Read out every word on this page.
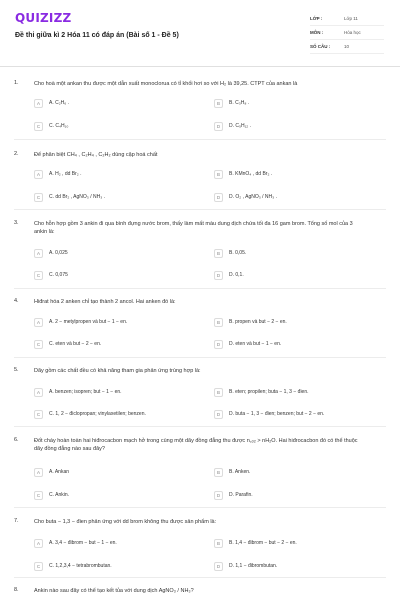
QUIZIZZ
Đề thi giữa kì 2 Hóa 11 có đáp án (Bài số 1 - Đề 5)
LỚP :	Lớp 11
MÔN :	Hóa học
SỐ CÂU :	10
1.	Cho hoà một ankan thu được một dẫn xuất monoclorua có tỉ khối hơi so với H₂ là 39,25. CTPT của ankan là
A	A. C₂H₆ .	B	B. C₃H₈ .
C	C. C₄H₁₀	D	D. C₅H₁₂ .
2.	Để phân biệt CH₄ , C₂H₄ , C₂H₂ dùng cặp hoá chất
A	A. H₂ , dd Br₂ .	B	B. KMnO₄ , dd Br₂ .
C	C. dd Br₂ , AgNO₃ / NH₃ .	D	D. O₂ , AgNO₃ / NH₃ .
3.	Cho hỗn hợp gồm 3 ankin đi qua bình đựng nước brom, thấy làm mất màu dung dịch chứa tối đa 16 gam brom. Tổng số mol của 3 ankin là:
A	A. 0,025	B	B. 0,05.
C	C. 0,075	D	D. 0,1.
4.	Hiđrat hóa 2 anken chỉ tạo thành 2 ancol. Hai anken đó là:
A	A. 2 − metylpropen và but − 1 − en.	B	B. propen và but − 2 − en.
C	C. eten và but − 2 − en.	D	D. eten và but − 1 − en.
5.	Dãy gồm các chất đều có khả năng tham gia phản ứng trùng hợp là:
A	A. benzen; isopren; but − 1 − en.	B	B. eten; propilen; buta − 1, 3 − đien.
C	C. 1, 2 − điclopropan; vinylaxetilen; benzen.	D	D. buta − 1, 3 − đien; benzen; but − 2 − en.
6.	Đốt cháy hoàn toàn hai hiđrocacbon mạch hở trong cùng một dãy đồng đẳng thu được n꜀ₒ₂ > nH₂O. Hai hiđrocacbon đó có thể thuộc dãy đồng đẳng nào sau đây?
A	A. Ankan	B	B. Anken.
C	C. Ankin.	D	D. Parafin.
7.	Cho buta − 1,3 − đien phản ứng với dd brom không thu được sản phẩm là:
A	A. 3,4 − đibrom − but − 1 − en.	B	B. 1,4 − đibrom − but − 2 − en.
C	C. 1,2,3,4 − tetrabrombutan.	D	D. 1,1 − đibrombutan.
8.	Ankin nào sau đây có thể tạo kết tủa với dung dịch AgNO₃ / NH₃?
